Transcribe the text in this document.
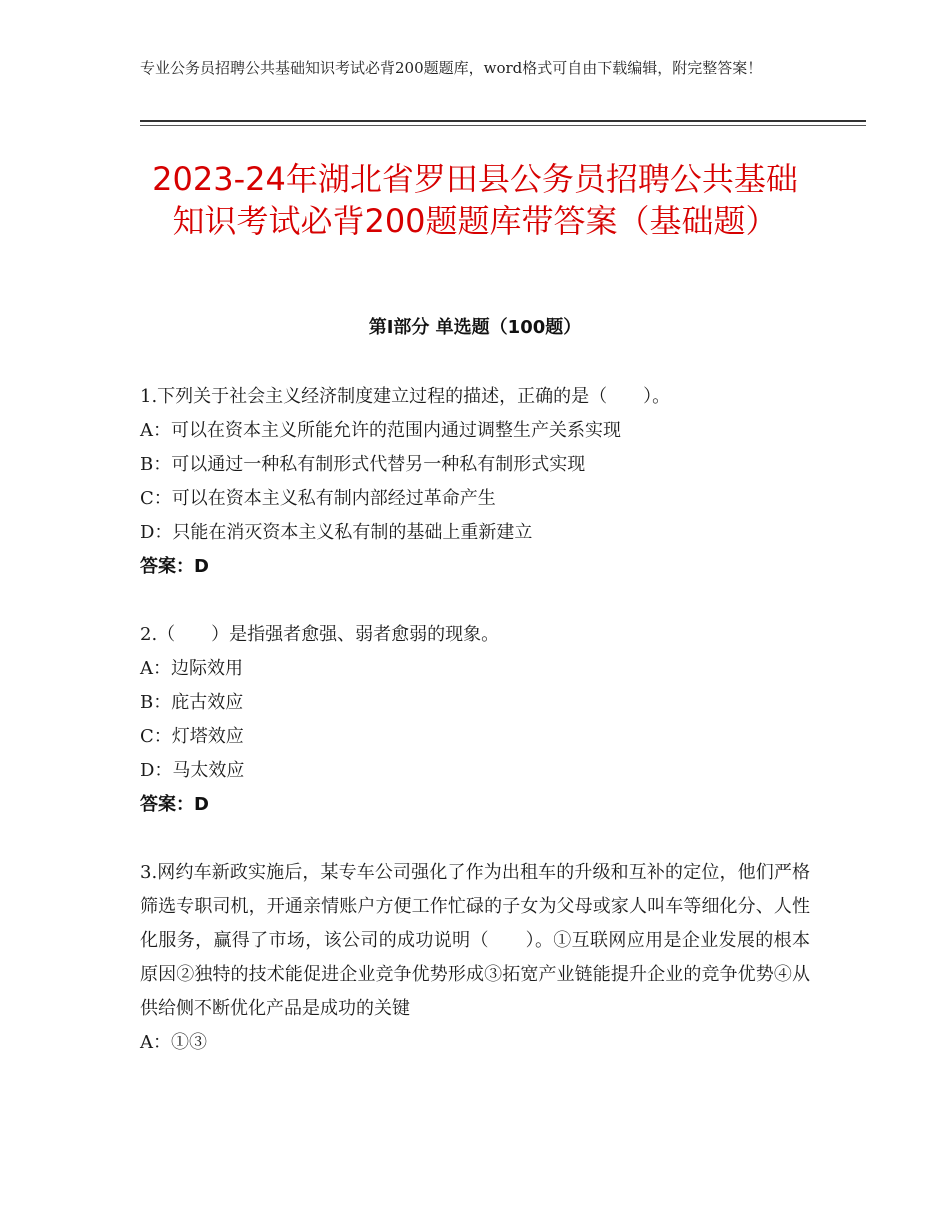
专业公务员招聘公共基础知识考试必背200题题库，word格式可自由下载编辑，附完整答案！
2023-24年湖北省罗田县公务员招聘公共基础知识考试必背200题题库带答案（基础题）
第Ⅰ部分 单选题（100题）

1.下列关于社会主义经济制度建立过程的描述，正确的是（　　）。

A：可以在资本主义所能允许的范围内通过调整生产关系实现

B：可以通过一种私有制形式代替另一种私有制形式实现

C：可以在资本主义私有制内部经过革命产生

D：只能在消灭资本主义私有制的基础上重新建立

答案：D

2.（　　）是指强者愈强、弱者愈弱的现象。

A：边际效用

B：庇古效应

C：灯塔效应

D：马太效应

答案：D

3.网约车新政实施后，某专车公司强化了作为出租车的升级和互补的定位，他们严格筛选专职司机，开通亲情账户方便工作忙碌的子女为父母或家人叫车等细化分、人性化服务，赢得了市场，该公司的成功说明（　　）。①互联网应用是企业发展的根本原因②独特的技术能促进企业竞争优势形成③拓宽产业链能提升企业的竞争优势④从供给侧不断优化产品是成功的关键

A：①③
